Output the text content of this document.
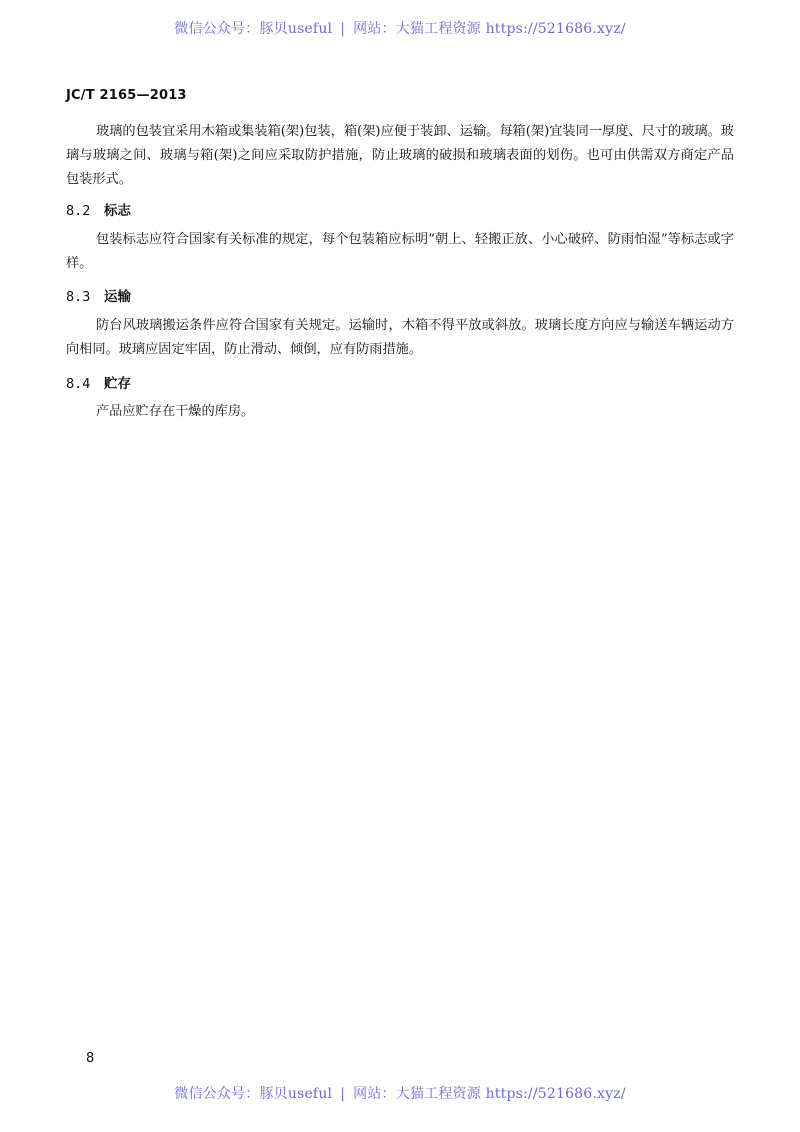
微信公众号：豚贝useful | 网站：大猫工程资源 https://521686.xyz/
JC/T 2165—2013

玻璃的包装宜采用木箱或集装箱(架)包装，箱(架)应便于装卸、运输。每箱(架)宜装同一厚度、尺寸的玻璃。玻璃与玻璃之间、玻璃与箱(架)之间应采取防护措施，防止玻璃的破损和玻璃表面的划伤。也可由供需双方商定产品包装形式。

8.2 标志

包装标志应符合国家有关标准的规定，每个包装箱应标明“朝上、轻搬正放、小心破碎、防雨怕湿”等标志或字样。

8.3 运输

防台风玻璃搬运条件应符合国家有关规定。运输时，木箱不得平放或斜放。玻璃长度方向应与输送车辆运动方向相同。玻璃应固定牢固，防止滑动、倾倒，应有防雨措施。

8.4 贮存

产品应贮存在干燥的库房。

8
微信公众号：豚贝useful | 网站：大猫工程资源 https://521686.xyz/
